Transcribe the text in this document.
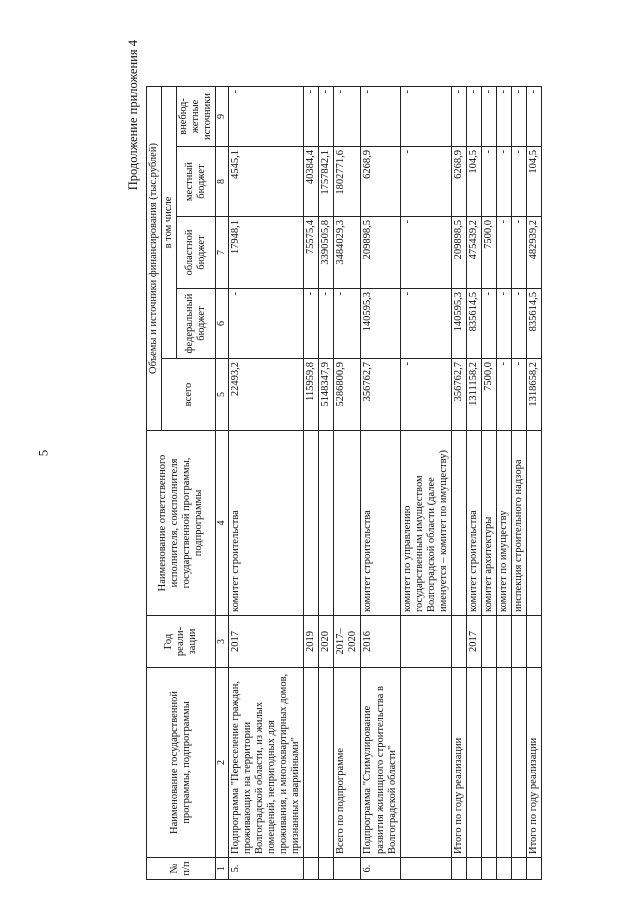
5
Продолжение приложения 4
№ п/п	Наименование государственной программы, подпрограммы	Год реали-зации	Наименование ответственного исполнителя, соисполнителя государственной программы, подпрограммы	Объемы и источники финансирования (тыс.рублей)				
				всего	в том числе			
					федеральный бюджет	областной бюджет	местный бюджет	внебюд-жетные источники
1	2	3	4	5	6	7	8	9
5.	Подпрограмма "Переселение граждан, проживающих на территории Волгоградской области, из жилых помещений, непригодных для проживания, и многоквартирных домов, признанных аварийными"	2017	комитет строительства	22493,2	-	17948,1	4545,1	-
		2019		115959,8	-	75575,4	40384,4	-
		2020		5148347,9	-	3390505,8	1757842,1	-
	Всего по подпрограмме	2017–2020		5286800,9	-	3484029,3	1802771,6	-
6.	Подпрограмма "Стимулирование развития жилищного строительства в Волгоградской области"	2016	комитет строительства	356762,7	140595,3	209898,5	6268,9	-
			комитет по управлению государственным имуществом Волгоградской области (далее именуется – комитет по имуществу)	-	-	-	-	-
	Итого по году реализации			356762,7	140595,3	209898,5	6268,9	-
		2017	комитет строительства	1311158,2	835614,5	475439,2	104,5	-
			комитет архитектуры	7500,0	-	7500,0	-	-
			комитет по имуществу	-	-	-	-	-
			инспекция строительного надзора	-	-	-	-	-
	Итого по году реализации			1318658,2	835614,5	482939,2	104,5	-
